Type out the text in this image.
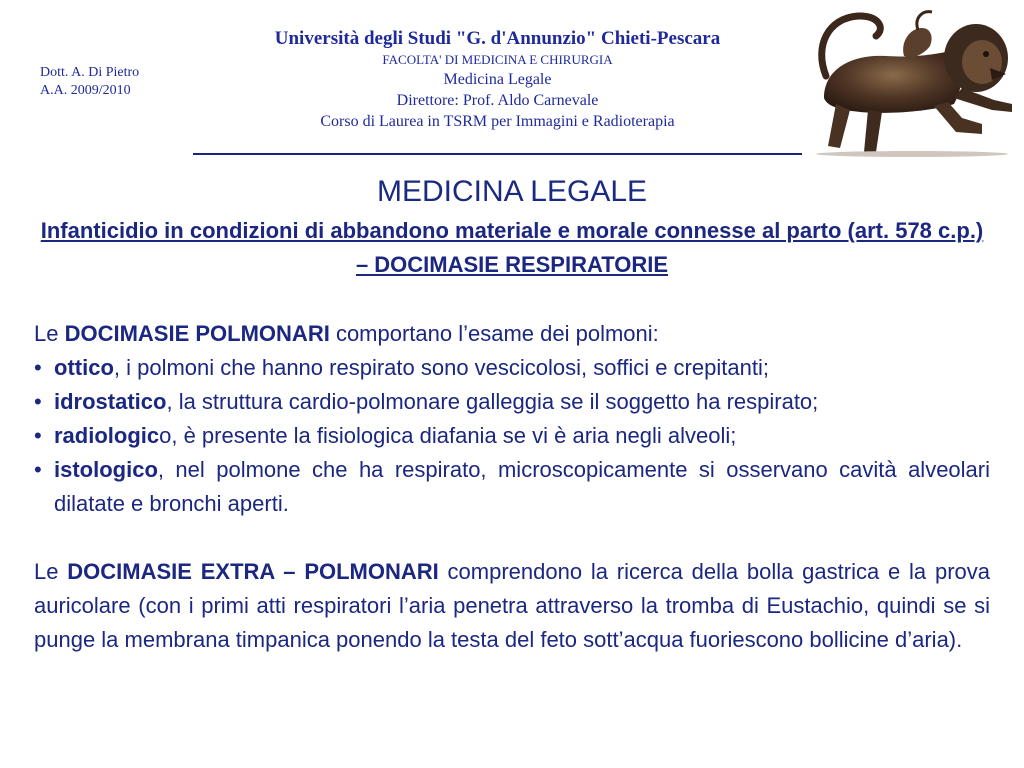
Dott. A. Di Pietro
A.A. 2009/2010
Università degli Studi "G. d'Annunzio" Chieti-Pescara
FACOLTA' DI MEDICINA E CHIRURGIA
Medicina Legale
Direttore: Prof. Aldo Carnevale
Corso di Laurea in TSRM per Immagini e Radioterapia
MEDICINA LEGALE
Infanticidio in condizioni di abbandono materiale e morale connesse al parto (art. 578 c.p.) – DOCIMASIE RESPIRATORIE

Le DOCIMASIE POLMONARI comportano l’esame dei polmoni:

• ottico, i polmoni che hanno respirato sono vescicolosi, soffici e crepitanti;
• idrostatico, la struttura cardio-polmonare galleggia se il soggetto ha respirato;
• radiologico, è presente la fisiologica diafania se vi è aria negli alveoli;
• istologico, nel polmone che ha respirato, microscopicamente si osservano cavità alveolari dilatate e bronchi aperti.

Le DOCIMASIE EXTRA – POLMONARI comprendono la ricerca della bolla gastrica e la prova auricolare (con i primi atti respiratori l’aria penetra attraverso la tromba di Eustachio, quindi se si punge la membrana timpanica ponendo la testa del feto sott’acqua fuoriescono bollicine d’aria).
